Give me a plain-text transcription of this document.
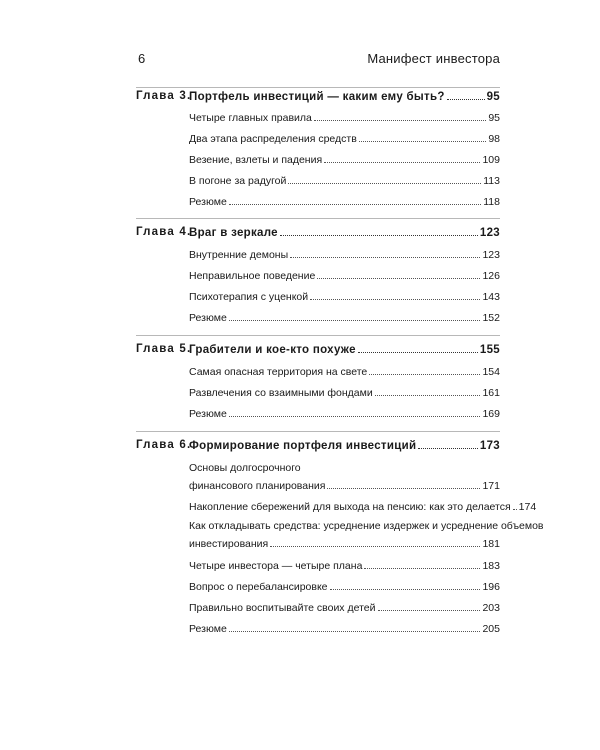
6	Манифест инвестора
Глава 3.
Портфель инвестиций — каким ему быть?	95
Четыре главных правила	95
Два этапа распределения средств	98
Везение, взлеты и падения	109
В погоне за радугой	113
Резюме	118
Глава 4.
Враг в зеркале	123
Внутренние демоны	123
Неправильное поведение	126
Психотерапия с уценкой	143
Резюме	152
Глава 5.
Грабители и кое-кто похуже	155
Самая опасная территория на свете	154
Развлечения со взаимными фондами	161
Резюме	169
Глава 6.
Формирование портфеля инвестиций	173
Основы долгосрочного
финансового планирования	171
Накопление сбережений для выхода на пенсию: как это делается 174
Как откладывать средства: усреднение издержек и усреднение объемов
инвестирования	181
Четыре инвестора — четыре плана	183
Вопрос о перебалансировке	196
Правильно воспитывайте своих детей	203
Резюме	205
